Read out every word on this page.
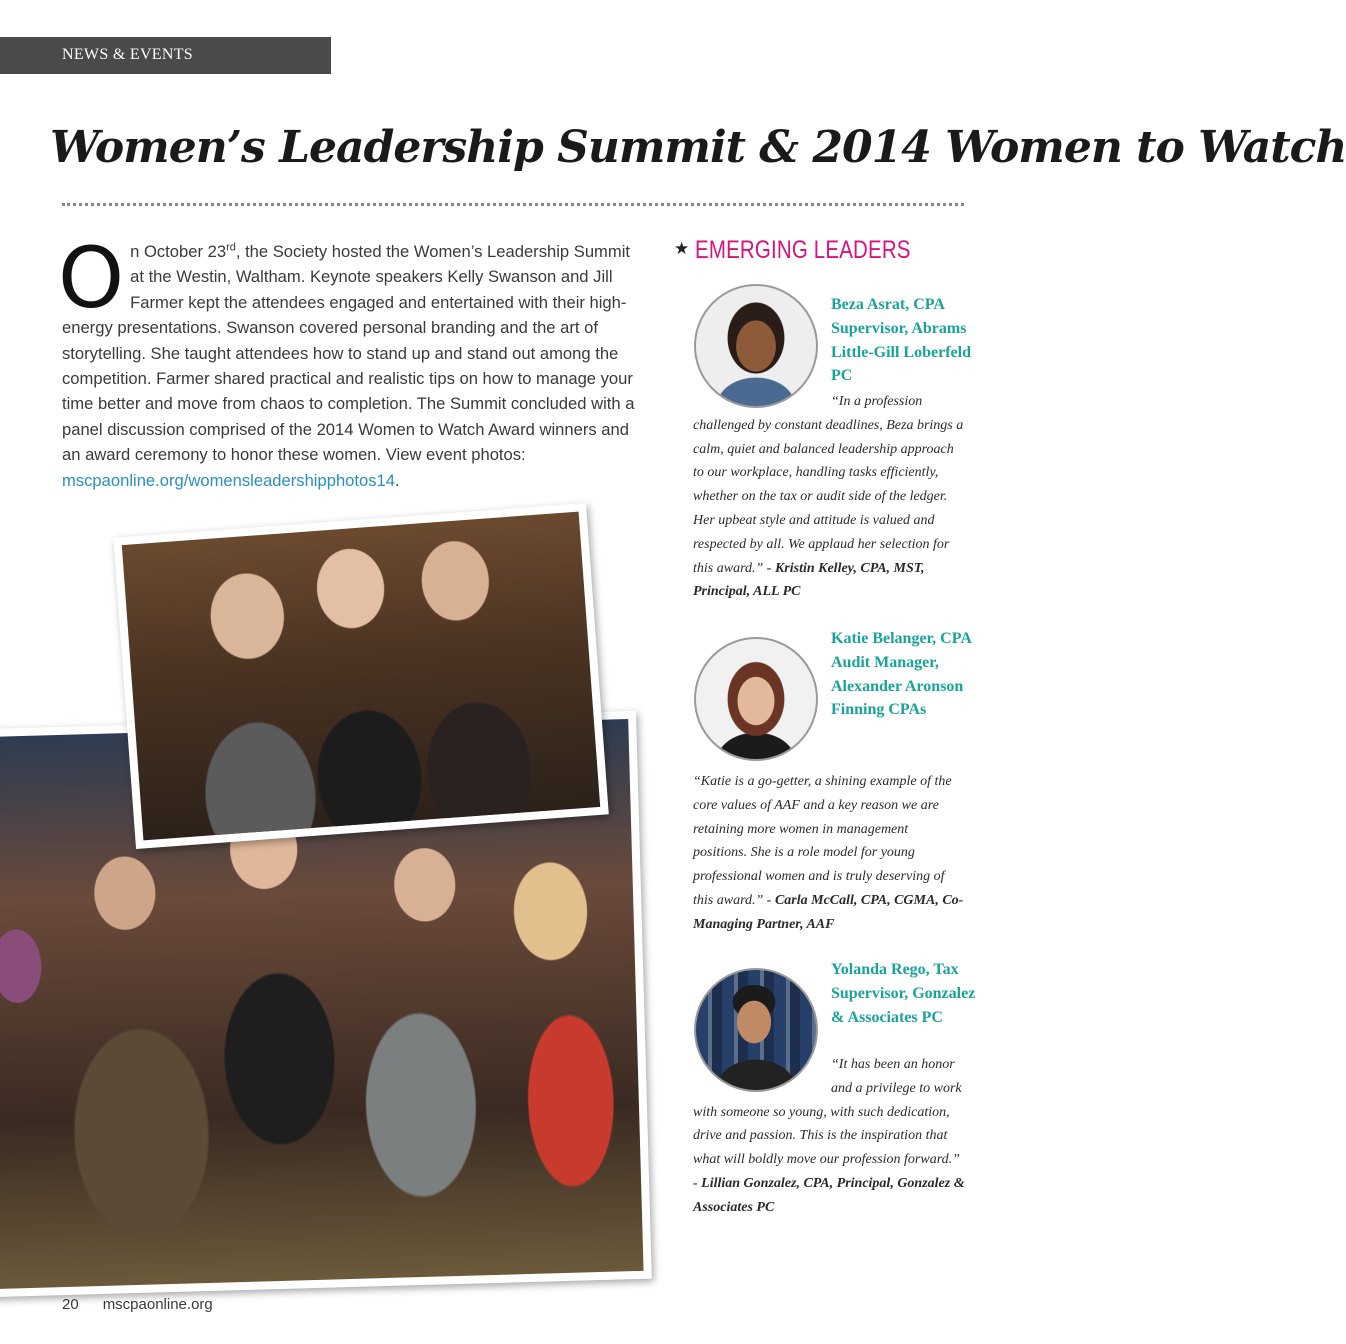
NEWS & EVENTS
Women’s Leadership Summit & 2014 Women to Watch
On October 23rd, the Society hosted the Women’s Leadership Summit at the Westin, Waltham. Keynote speakers Kelly Swanson and Jill Farmer kept the attendees engaged and entertained with their high-energy presentations. Swanson covered personal branding and the art of storytelling. She taught attendees how to stand up and stand out among the competition. Farmer shared practical and realistic tips on how to manage your time better and move from chaos to completion. The Summit concluded with a panel discussion comprised of the 2014 Women to Watch Award winners and an award ceremony to honor these women. View event photos: mscpaonline.org/womensleadershipphotos14.
★ EMERGING LEADERS
Beza Asrat, CPA Supervisor, Abrams Little-Gill Loberfeld PC
“In a profession
challenged by constant deadlines, Beza brings a calm, quiet and balanced leadership approach to our workplace, handling tasks efficiently, whether on the tax or audit side of the ledger. Her upbeat style and attitude is valued and respected by all. We applaud her selection for this award.” - Kristin Kelley, CPA, MST, Principal, ALL PC
Katie Belanger, CPA Audit Manager, Alexander Aronson Finning CPAs
“Katie is a go-getter, a shining example of the core values of AAF and a key reason we are retaining more women in management positions. She is a role model for young professional women and is truly deserving of this award.” - Carla McCall, CPA, CGMA, Co-Managing Partner, AAF
Yolanda Rego, Tax Supervisor, Gonzalez & Associates PC
“It has been an honor and a privilege to work
with someone so young, with such dedication, drive and passion. This is the inspiration that what will boldly move our profession forward.” - Lillian Gonzalez, CPA, Principal, Gonzalez & Associates PC
20 mscpaonline.org
